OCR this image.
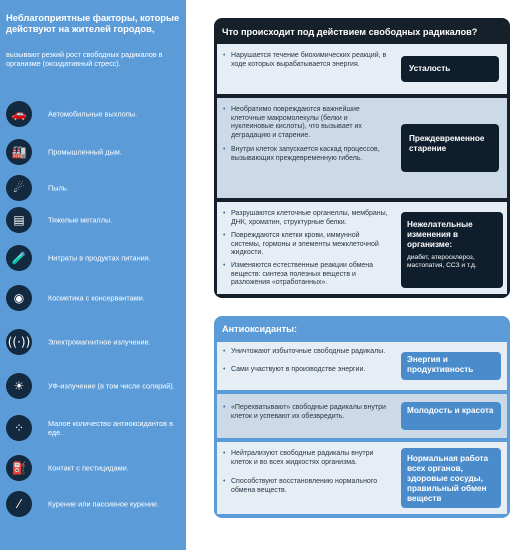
Неблагоприятные факторы, которые действуют на жителей городов,
вызывают резкий рост свободных радикалов в организме (оксидативный стресс).
🚗	Автомобильные выхлопы.
🏭	Промышленный дым.
☄	Пыль.
▤	Тяжелые металлы.
🧪	Нитраты в продуктах питания.
◉	Косметика с консервантами.
((·)) Электромагнитное излучение.
☀	УФ-излучение (в том числе солярий).
⁘	Малое количество антиоксидантов в еде.
⛽	Контакт с пестицидами.
⁄	Курение или пассивное курение.
Что происходит под действием свободных радикалов?
• Нарушается течение биохимических реакций, в ходе которых вырабатывается энергия.	Усталость
• Необратимо повреждаются важнейшие клеточные макромолекулы (белки и нуклеиновые кислоты), что вызывает их деградацию и старение.
• Внутри клеток запускается каскад процессов, вызывающих преждевременную гибель.
Преждевременное старение
• Разрушаются клеточные органеллы, мембраны, ДНК, хроматин, структурные белки.
• Повреждаются клетки крови, иммунной системы, гормоны и элементы межклеточной жидкости.
• Изменяются естественные реакции обмена веществ: синтеза полезных веществ и разложения «отработанных».
Нежелательные изменения в организме:
диабет, атеросклероз, мастопатия, ССЗ и т.д.
Антиоксиданты:
• Уничтожают избыточные свободные радикалы.
• Сами участвуют в производстве энергии.
Энергия и продуктивность
• «Перехватывают» свободные радикалы внутри клеток и успевают их обезвредить.
Молодость и красота
• Нейтрализуют свободные радикалы внутри клеток и во всех жидкостях организма.
• Способствуют восстановлению нормального обмена веществ.
Нормальная работа всех органов, здоровые сосуды, правильный обмен веществ
